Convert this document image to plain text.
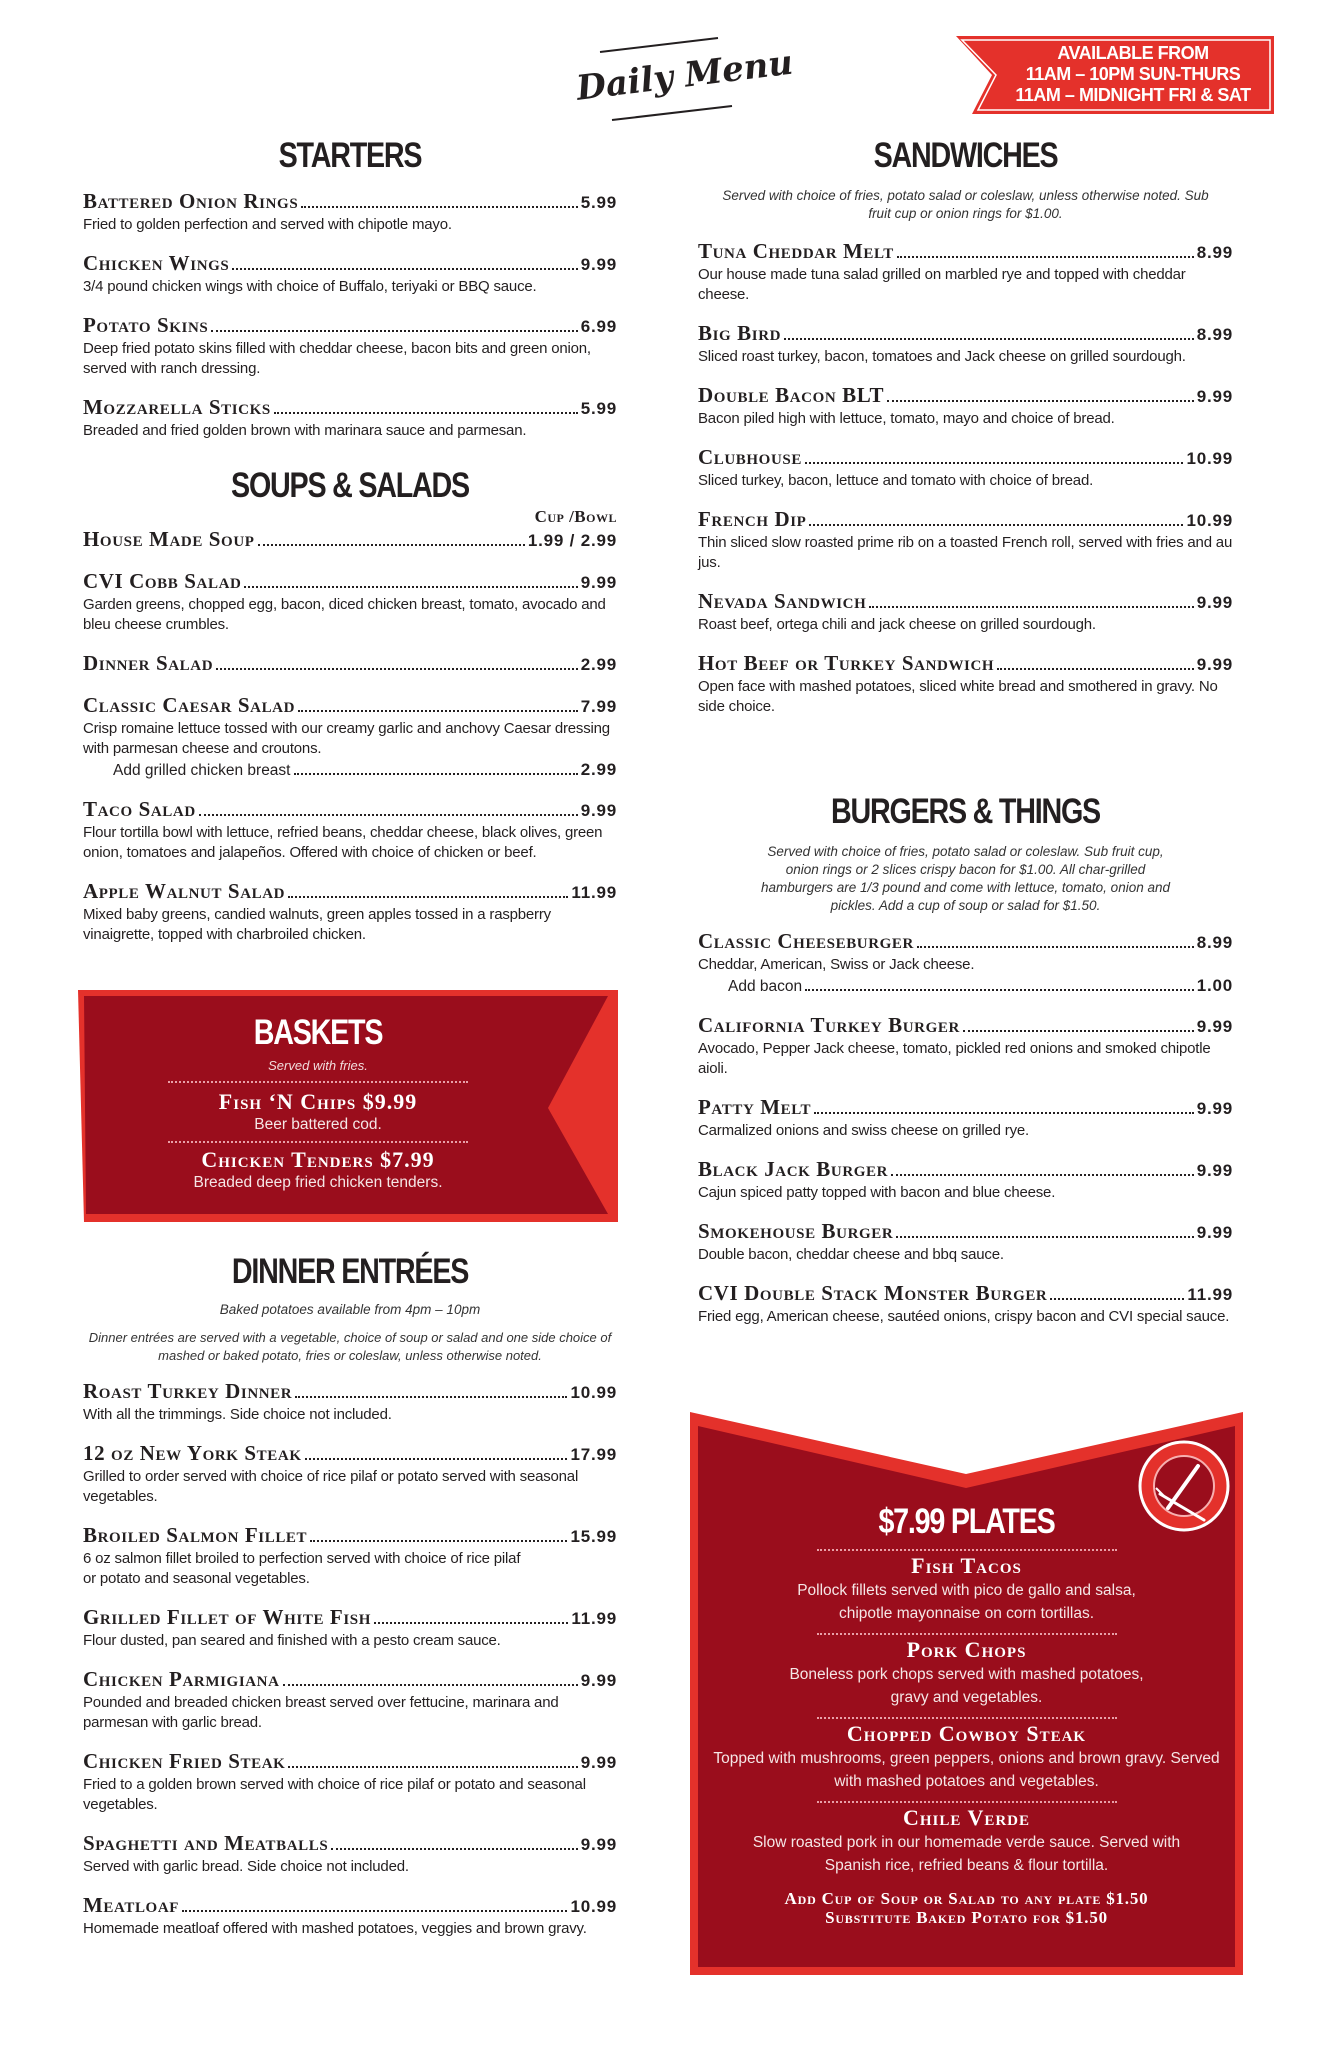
Daily Menu	AVAILABLE FROM
11AM – 10PM SUN-THURS
11AM – MIDNIGHT FRI & SAT
STARTERS
Battered Onion Rings	5.99
Fried to golden perfection and served with chipotle mayo.
Chicken Wings	9.99
3/4 pound chicken wings with choice of Buffalo, teriyaki or BBQ sauce.
Potato Skins	6.99
Deep fried potato skins filled with cheddar cheese, bacon bits and green onion, served with ranch dressing.
Mozzarella Sticks	5.99
Breaded and fried golden brown with marinara sauce and parmesan.
SOUPS & SALADS
Cup /Bowl
House Made Soup	1.99 / 2.99
CVI Cobb Salad	9.99
Garden greens, chopped egg, bacon, diced chicken breast, tomato, avocado and bleu cheese crumbles.
Dinner Salad	2.99
Classic Caesar Salad	7.99
Crisp romaine lettuce tossed with our creamy garlic and anchovy Caesar dressing with parmesan cheese and croutons.
Add grilled chicken breast	2.99
Taco Salad	9.99
Flour tortilla bowl with lettuce, refried beans, cheddar cheese, black olives, green onion, tomatoes and jalapeños. Offered with choice of chicken or beef.
Apple Walnut Salad	11.99
Mixed baby greens, candied walnuts, green apples tossed in a raspberry vinaigrette, topped with charbroiled chicken.
BASKETS
Served with fries.
Fish ‘N Chips $9.99
Beer battered cod.
Chicken Tenders $7.99
Breaded deep fried chicken tenders.
DINNER ENTRÉES
Baked potatoes available from 4pm – 10pm
Dinner entrées are served with a vegetable, choice of soup or salad and one side choice of mashed or baked potato, fries or coleslaw, unless otherwise noted.
Roast Turkey Dinner	10.99
With all the trimmings. Side choice not included.
12 oz New York Steak	17.99
Grilled to order served with choice of rice pilaf or potato served with seasonal vegetables.
Broiled Salmon Fillet	15.99
6 oz salmon fillet broiled to perfection served with choice of rice pilaf or potato and seasonal vegetables.
Grilled Fillet of White Fish	11.99
Flour dusted, pan seared and finished with a pesto cream sauce.
Chicken Parmigiana	9.99
Pounded and breaded chicken breast served over fettucine, marinara and parmesan with garlic bread.
Chicken Fried Steak	9.99
Fried to a golden brown served with choice of rice pilaf or potato and seasonal vegetables.
Spaghetti and Meatballs	9.99
Served with garlic bread. Side choice not included.
Meatloaf	10.99
Homemade meatloaf offered with mashed potatoes, veggies and brown gravy.
SANDWICHES
Served with choice of fries, potato salad or coleslaw, unless otherwise noted. Sub fruit cup or onion rings for $1.00.
Tuna Cheddar Melt	8.99
Our house made tuna salad grilled on marbled rye and topped with cheddar cheese.
Big Bird	8.99
Sliced roast turkey, bacon, tomatoes and Jack cheese on grilled sourdough.
Double Bacon BLT	9.99
Bacon piled high with lettuce, tomato, mayo and choice of bread.
Clubhouse	10.99
Sliced turkey, bacon, lettuce and tomato with choice of bread.
French Dip	10.99
Thin sliced slow roasted prime rib on a toasted French roll, served with fries and au jus.
Nevada Sandwich	9.99
Roast beef, ortega chili and jack cheese on grilled sourdough.
Hot Beef or Turkey Sandwich	9.99
Open face with mashed potatoes, sliced white bread and smothered in gravy. No side choice.
BURGERS & THINGS
Served with choice of fries, potato salad or coleslaw. Sub fruit cup, onion rings or 2 slices crispy bacon for $1.00. All char-grilled hamburgers are 1/3 pound and come with lettuce, tomato, onion and pickles. Add a cup of soup or salad for $1.50.
Classic Cheeseburger	8.99
Cheddar, American, Swiss or Jack cheese.
Add bacon	1.00
California Turkey Burger	9.99
Avocado, Pepper Jack cheese, tomato, pickled red onions and smoked chipotle aioli.
Patty Melt	9.99
Carmalized onions and swiss cheese on grilled rye.
Black Jack Burger	9.99
Cajun spiced patty topped with bacon and blue cheese.
Smokehouse Burger	9.99
Double bacon, cheddar cheese and bbq sauce.
CVI Double Stack Monster Burger	11.99
Fried egg, American cheese, sautéed onions, crispy bacon and CVI special sauce.
$7.99 PLATES
Fish Tacos
Pollock fillets served with pico de gallo and salsa, chipotle mayonnaise on corn tortillas.
Pork Chops
Boneless pork chops served with mashed potatoes, gravy and vegetables.
Chopped Cowboy Steak
Topped with mushrooms, green peppers, onions and brown gravy. Served with mashed potatoes and vegetables.
Chile Verde
Slow roasted pork in our homemade verde sauce. Served with Spanish rice, refried beans & flour tortilla.
Add Cup of Soup or Salad to any plate $1.50
Substitute Baked Potato for $1.50
